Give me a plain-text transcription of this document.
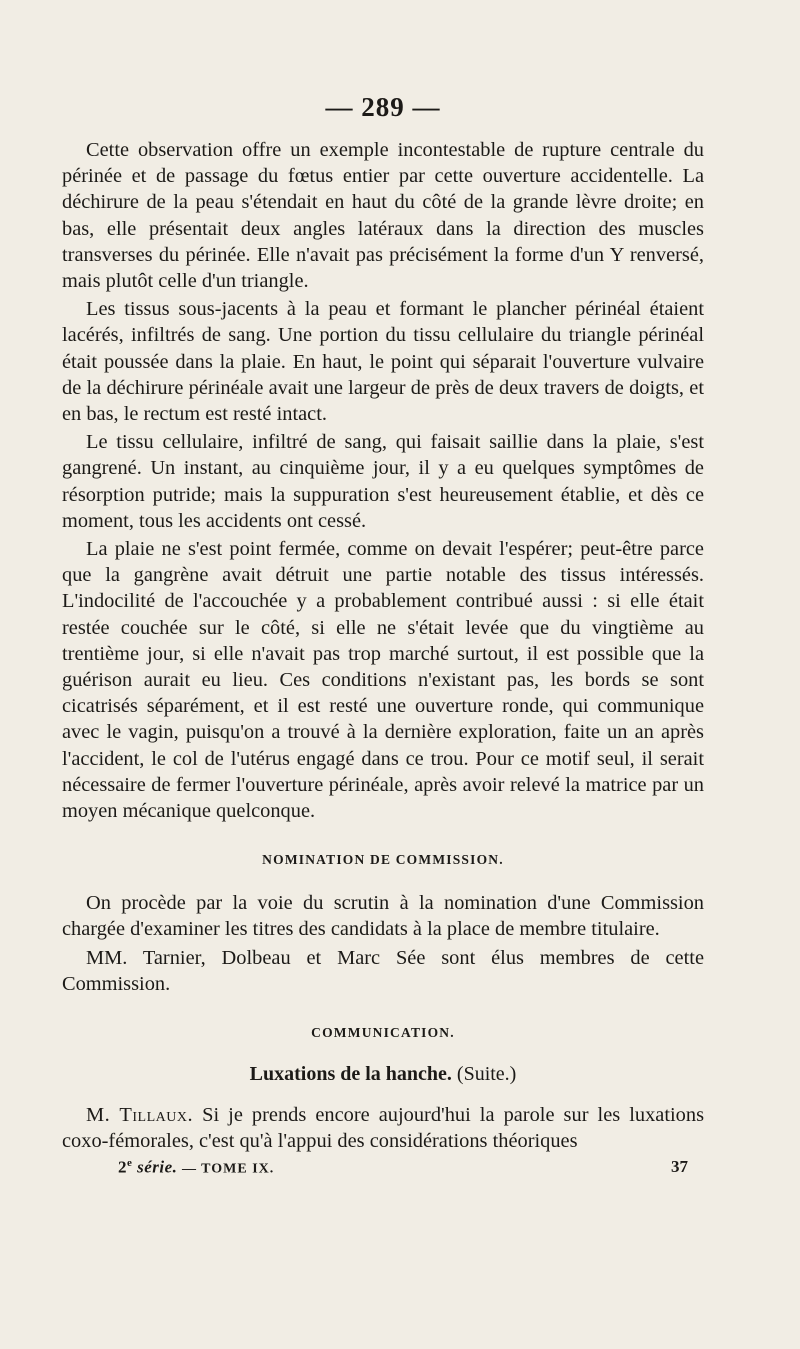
— 289 —

Cette observation offre un exemple incontestable de rupture centrale du périnée et de passage du fœtus entier par cette ouverture accidentelle. La déchirure de la peau s'étendait en haut du côté de la grande lèvre droite; en bas, elle présentait deux angles latéraux dans la direction des muscles transverses du périnée. Elle n'avait pas précisément la forme d'un Y renversé, mais plutôt celle d'un triangle.

Les tissus sous-jacents à la peau et formant le plancher périnéal étaient lacérés, infiltrés de sang. Une portion du tissu cellulaire du triangle périnéal était poussée dans la plaie. En haut, le point qui séparait l'ouverture vulvaire de la déchirure périnéale avait une largeur de près de deux travers de doigts, et en bas, le rectum est resté intact.

Le tissu cellulaire, infiltré de sang, qui faisait saillie dans la plaie, s'est gangrené. Un instant, au cinquième jour, il y a eu quelques symptômes de résorption putride; mais la suppuration s'est heureusement établie, et dès ce moment, tous les accidents ont cessé.

La plaie ne s'est point fermée, comme on devait l'espérer; peut-être parce que la gangrène avait détruit une partie notable des tissus intéressés. L'indocilité de l'accouchée y a probablement contribué aussi : si elle était restée couchée sur le côté, si elle ne s'était levée que du vingtième au trentième jour, si elle n'avait pas trop marché surtout, il est possible que la guérison aurait eu lieu. Ces conditions n'existant pas, les bords se sont cicatrisés séparément, et il est resté une ouverture ronde, qui communique avec le vagin, puisqu'on a trouvé à la dernière exploration, faite un an après l'accident, le col de l'utérus engagé dans ce trou. Pour ce motif seul, il serait nécessaire de fermer l'ouverture périnéale, après avoir relevé la matrice par un moyen mécanique quelconque.

NOMINATION DE COMMISSION.

On procède par la voie du scrutin à la nomination d'une Commission chargée d'examiner les titres des candidats à la place de membre titulaire.

MM. Tarnier, Dolbeau et Marc Sée sont élus membres de cette Commission.

COMMUNICATION.
Luxations de la hanche. (Suite.)

M. Tillaux. Si je prends encore aujourd'hui la parole sur les luxations coxo-fémorales, c'est qu'à l'appui des considérations théoriques

2e série. — TOME IX.	37
